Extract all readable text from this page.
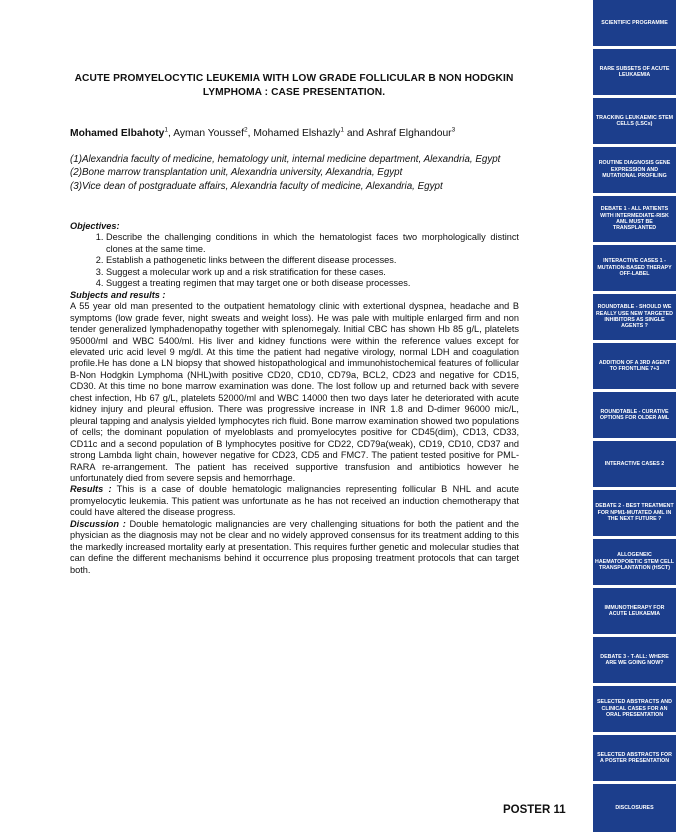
ACUTE PROMYELOCYTIC LEUKEMIA WITH LOW GRADE FOLLICULAR B NON HODGKIN LYMPHOMA : CASE PRESENTATION.
Mohamed Elbahoty$^1$, Ayman Youssef$^2$, Mohamed Elshazly$^1$ and Ashraf Elghandour$^3$
(1)Alexandria faculty of medicine, hematology unit, internal medicine department, Alexandria, Egypt
(2)Bone marrow transplantation unit, Alexandria university, Alexandria, Egypt
(3)Vice dean of postgraduate affairs, Alexandria faculty of medicine, Alexandria, Egypt
Objectives:
1. Describe the challenging conditions in which the hematologist faces two morphologically distinct clones at the same time.
2. Establish a pathogenetic links between the different disease processes.
3. Suggest a molecular work up and a risk stratification for these cases.
4. Suggest a treating regimen that may target one or both disease processes.
Subjects and results :

A 55 year old man presented to the outpatient hematology clinic with extertional dyspnea, headache and B symptoms (low grade fever, night sweats and weight loss). He was pale with multiple enlarged firm and non tender generalized lymphadenopathy together with splenomegaly. Initial CBC has shown Hb 85 g/L, platelets 95000/ml and WBC 5400/ml. His liver and kidney functions were within the reference values except for elevated uric acid level 9 mg/dl. At this time the patient had negative virology, normal LDH and coagulation profile.He has done a LN biopsy that showed histopathological and immunohistochemical features of follicular B-Non Hodgkin Lymphoma (NHL)with positive CD20, CD10, CD79a, BCL2, CD23 and negative for CD15, CD30. At this time no bone marrow examination was done. The lost follow up and returned back with severe chest infection, Hb 67 g/L, platelets 52000/ml and WBC 14000 then two days later he deteriorated with acute kidney injury and pleural effusion. There was progressive increase in INR 1.8 and D-dimer 96000 mic/L, pleural tapping and analysis yielded lymphocytes rich fluid. Bone marrow examination showed two populations of cells; the dominant population of myeloblasts and promyelocytes positive for CD45(dim), CD13, CD33, CD11c and a second population of B lymphocytes positive for CD22, CD79a(weak), CD19, CD10, CD37 and strong Lambda light chain, however negative for CD23, CD5 and FMC7. The patient tested positive for PML-RARA re-arrangement. The patient has received supportive transfusion and antibiotics however he unfortunately died from severe sepsis and hemorrhage.

Results : This is a case of double hematologic malignancies representing follicular B NHL and acute promyelocytic leukemia. This patient was unfortunate as he has not received an induction chemotherapy that could have altered the disease progress.

Discussion : Double hematologic malignancies are very challenging situations for both the patient and the physician as the diagnosis may not be clear and no widely approved consensus for its treatment adding to this the markedly increased mortality early at presentation. This requires further genetic and molecular studies that can define the different mechanisms behind it occurrence plus proposing treatment protocols that can target both.

POSTER 11
SCIENTIFIC PROGRAMME
RARE SUBSETS OF ACUTE LEUKAEMIA
TRACKING LEUKAEMIC STEM CELLS (LSCs)
ROUTINE DIAGNOSIS GENE EXPRESSION AND MUTATIONAL PROFILING
DEBATE 1 - ALL PATIENTS WITH INTERMEDIATE-RISK AML MUST BE TRANSPLANTED
INTERACTIVE CASES 1 - MUTATION-BASED THERAPY OFF-LABEL
ROUNDTABLE - SHOULD WE REALLY USE NEW TARGETED INHIBITORS AS SINGLE AGENTS ?
ADDITION OF A 3RD AGENT TO FRONTLINE 7+3
ROUNDTABLE - CURATIVE OPTIONS FOR OLDER AML
INTERACTIVE CASES 2
DEBATE 2 - BEST TREATMENT FOR NPM1-MUTATED AML IN THE NEXT FUTURE ?
ALLOGENEIC HAEMATOPOIETIC STEM CELL TRANSPLANTATION (HSCT)
IMMUNOTHERAPY FOR ACUTE LEUKAEMIA
DEBATE 3 - T-ALL: WHERE ARE WE GOING NOW?
SELECTED ABSTRACTS AND CLINICAL CASES FOR AN ORAL PRESENTATION
SELECTED ABSTRACTS FOR A POSTER PRESENTATION
DISCLOSURES
